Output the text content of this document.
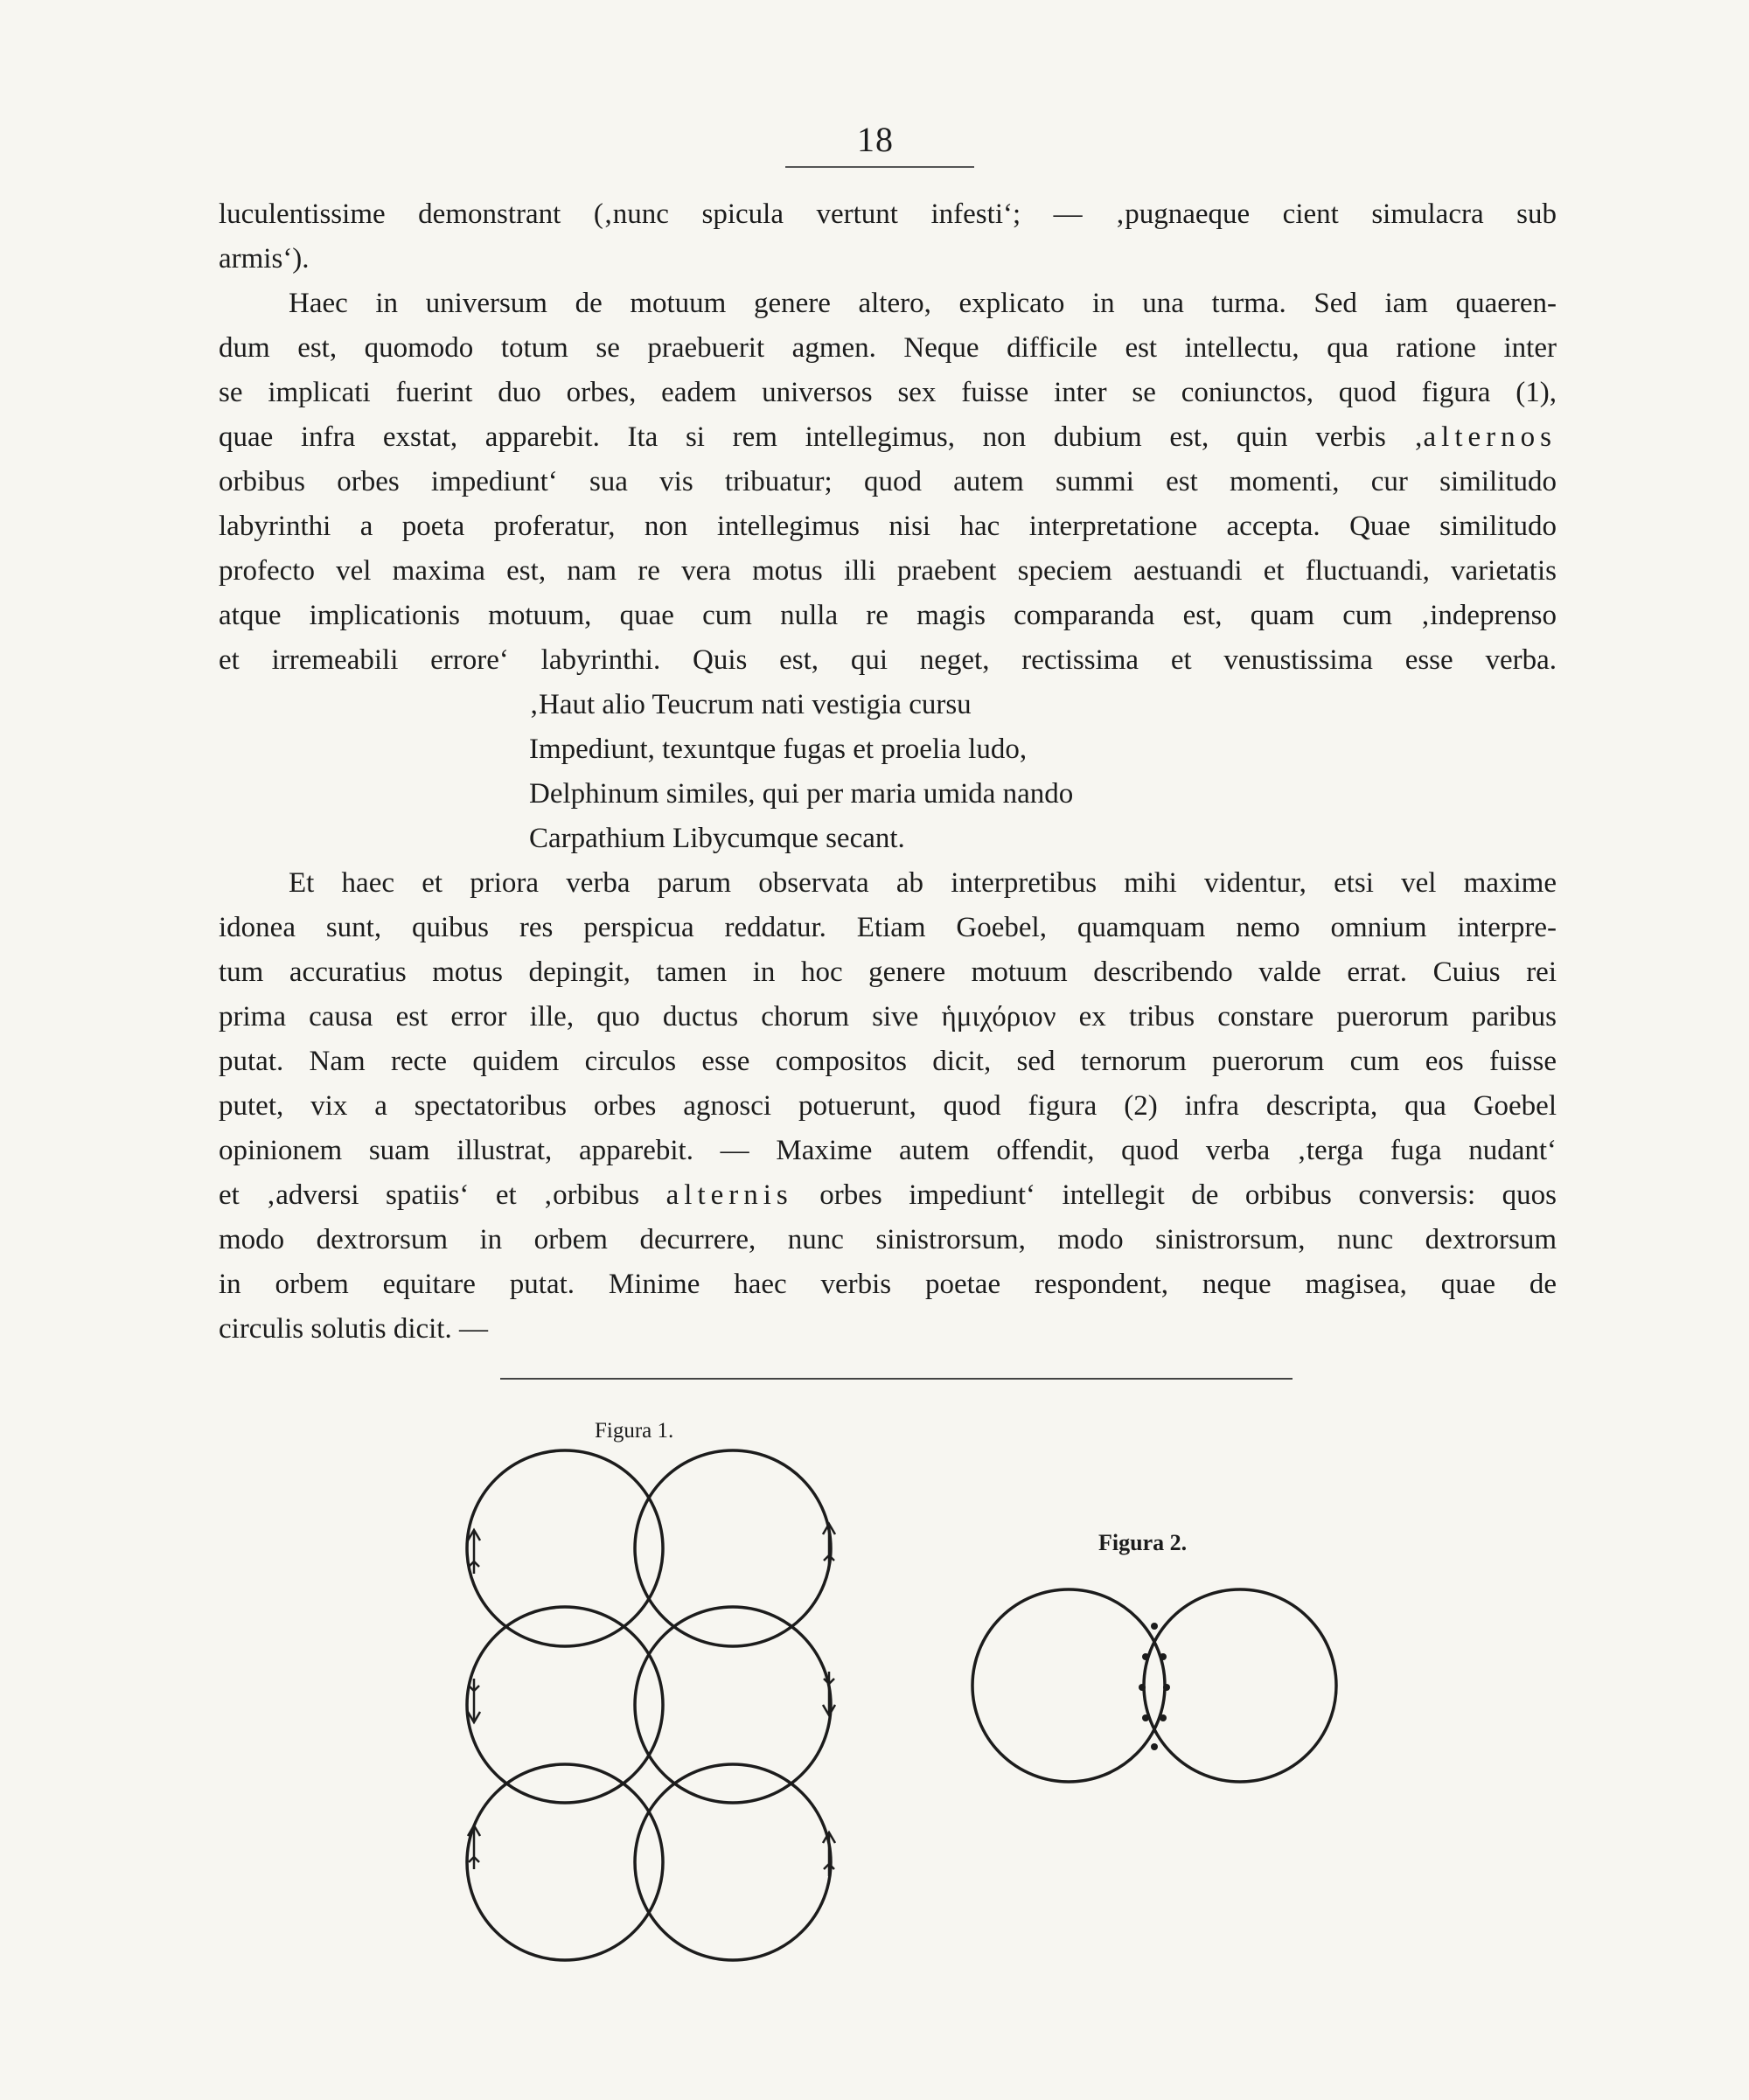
18
luculentissime demonstrant (‚nunc spicula vertunt infesti‘; — ‚pugnaeque cient simulacra sub
armis‘).
Haec in universum de motuum genere altero, explicato in una turma. Sed iam quaeren-
dum est, quomodo totum se praebuerit agmen. Neque difficile est intellectu, qua ratione inter
se implicati fuerint duo orbes, eadem universos sex fuisse inter se coniunctos, quod figura (1),
quae infra exstat, apparebit. Ita si rem intellegimus, non dubium est, quin verbis ‚alternos
orbibus orbes impediunt‘ sua vis tribuatur; quod autem summi est momenti, cur similitudo
labyrinthi a poeta proferatur, non intellegimus nisi hac interpretatione accepta. Quae similitudo
profecto vel maxima est, nam re vera motus illi praebent speciem aestuandi et fluctuandi, varietatis
atque implicationis motuum, quae cum nulla re magis comparanda est, quam cum ‚indeprenso
et irremeabili errore‘ labyrinthi. Quis est, qui neget, rectissima et venustissima esse verba.
‚Haut alio Teucrum nati vestigia cursu
Impediunt, texuntque fugas et proelia ludo,
Delphinum similes, qui per maria umida nando
Carpathium Libycumque secant.
Et haec et priora verba parum observata ab interpretibus mihi videntur, etsi vel maxime
idonea sunt, quibus res perspicua reddatur. Etiam Goebel, quamquam nemo omnium interpre-
tum accuratius motus depingit, tamen in hoc genere motuum describendo valde errat. Cuius rei
prima causa est error ille, quo ductus chorum sive ἡμιχόριον ex tribus constare puerorum paribus
putat. Nam recte quidem circulos esse compositos dicit, sed ternorum puerorum cum eos fuisse
putet, vix a spectatoribus orbes agnosci potuerunt, quod figura (2) infra descripta, qua Goebel
opinionem suam illustrat, apparebit. — Maxime autem offendit, quod verba ‚terga fuga nudant‘
et ‚adversi spatiis‘ et ‚orbibus alternis orbes impediunt‘ intellegit de orbibus conversis: quos
modo dextrorsum in orbem decurrere, nunc sinistrorsum, modo sinistrorsum, nunc dextrorsum
in orbem equitare putat. Minime haec verbis poetae respondent, neque magisea, quae de
circulis solutis dicit. —
Figura 1.
Figura 2.
